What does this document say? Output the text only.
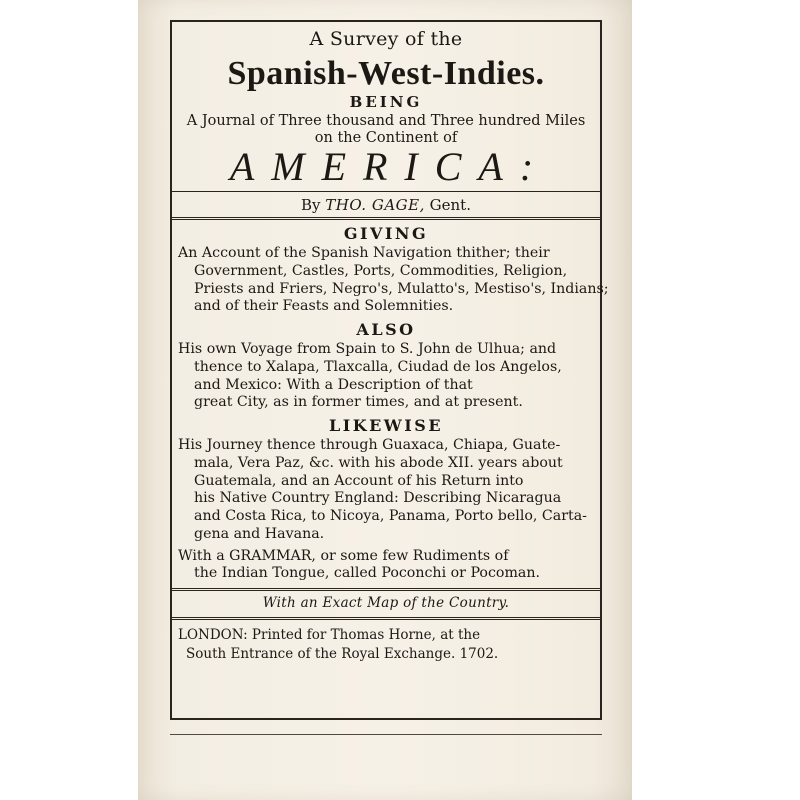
A Survey of the
Spanish-West-Indies.
BEING
A Journal of Three thousand and Three hundred Miles
on the Continent of
AMERICA:
By THO. GAGE, Gent.
GIVING
An Account of the Spanish Navigation thither; their
Government, Castles, Ports, Commodities, Religion,
Priests and Friers, Negro's, Mulatto's, Mestiso's, Indians;
and of their Feasts and Solemnities.
ALSO
His own Voyage from Spain to S. John de Ulhua; and
thence to Xalapa, Tlaxcalla, Ciudad de los Angelos,
and Mexico: With a Description of that
great City, as in former times, and at present.
LIKEWISE
His Journey thence through Guaxaca, Chiapa, Guate-
mala, Vera Paz, &c. with his abode XII. years about
Guatemala, and an Account of his Return into
his Native Country England: Describing Nicaragua
and Costa Rica, to Nicoya, Panama, Porto bello, Carta-
gena and Havana.
With a GRAMMAR, or some few Rudiments of
the Indian Tongue, called Poconchi or Pocoman.
With an Exact Map of the Country.
LONDON: Printed for Thomas Horne, at the
South Entrance of the Royal Exchange. 1702.
